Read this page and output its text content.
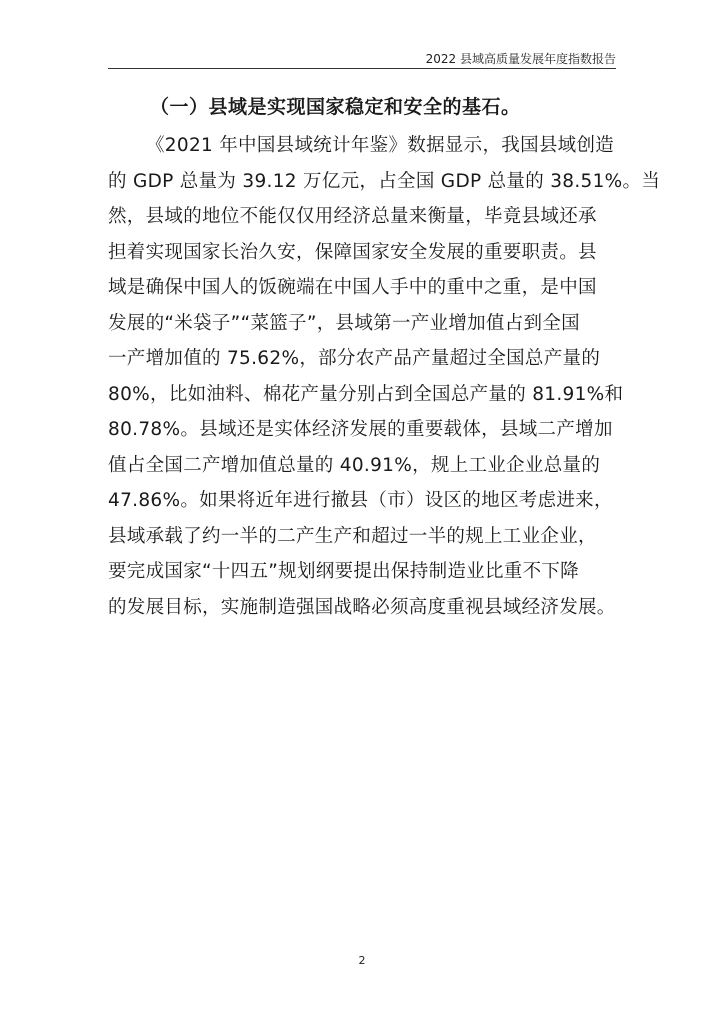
2022 县域高质量发展年度指数报告
（一）县域是实现国家稳定和安全的基石。
《2021 年中国县域统计年鉴》数据显示，我国县域创造
的 GDP 总量为 39.12 万亿元，占全国 GDP 总量的 38.51%。当
然，县域的地位不能仅仅用经济总量来衡量，毕竟县域还承
担着实现国家长治久安，保障国家安全发展的重要职责。县
域是确保中国人的饭碗端在中国人手中的重中之重，是中国
发展的“米袋子”“菜篮子”，县域第一产业增加值占到全国
一产增加值的 75.62%，部分农产品产量超过全国总产量的
80%，比如油料、棉花产量分别占到全国总产量的 81.91%和
80.78%。县域还是实体经济发展的重要载体，县域二产增加
值占全国二产增加值总量的 40.91%，规上工业企业总量的
47.86%。如果将近年进行撤县（市）设区的地区考虑进来，
县域承载了约一半的二产生产和超过一半的规上工业企业，
要完成国家“十四五”规划纲要提出保持制造业比重不下降
的发展目标，实施制造强国战略必须高度重视县域经济发展。
2
